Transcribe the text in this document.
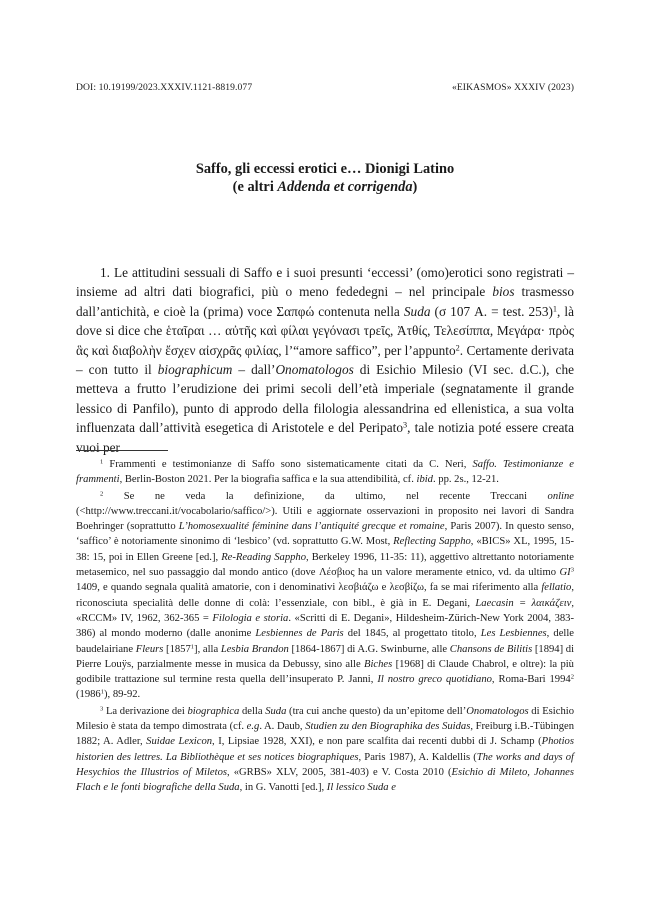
DOI: 10.19199/2023.XXXIV.1121-8819.077	«EIKASMOS» XXXIV (2023)
Saffo, gli eccessi erotici e… Dionigi Latino
(e altri Addenda et corrigenda)

1. Le attitudini sessuali di Saffo e i suoi presunti ‘eccessi’ (omo)erotici sono registrati – insieme ad altri dati biografici, più o meno fededegni – nel principale bios trasmesso dall’antichità, e cioè la (prima) voce Σαπφώ contenuta nella Suda (σ 107 A. = test. 253)$^1$, là dove si dice che ἑταῖραι … αὐτῆς καὶ φίλαι γεγόνασι τρεῖς, Ἀτθίς, Τελεσίππα, Μεγάρα· πρὸς ἃς καὶ διαβολὴν ἔσχεν αἰσχρᾶς φιλίας, l’“amore saffico”, per l’appunto$^2$. Certamente derivata – con tutto il biographicum – dall’Onomatologos di Esichio Milesio (VI sec. d.C.), che metteva a frutto l’erudizione dei primi secoli dell’età imperiale (segnatamente il grande lessico di Panfilo), punto di approdo della filologia alessandrina ed ellenistica, a sua volta influenzata dall’attività esegetica di Aristotele e del Peripato$^3$, tale notizia poté essere creata vuoi per

$^1$ Frammenti e testimonianze di Saffo sono sistematicamente citati da C. Neri, Saffo. Testimonianze e frammenti, Berlin-Boston 2021. Per la biografia saffica e la sua attendibilità, cf. ibid. pp. 2s., 12-21.

$^2$ Se ne veda la definizione, da ultimo, nel recente Treccani online (<http://www.treccani.it/vocabolario/saffico/>). Utili e aggiornate osservazioni in proposito nei lavori di Sandra Boehringer (soprattutto L’homosexualité féminine dans l’antiquité grecque et romaine, Paris 2007). In questo senso, ‘saffico’ è notoriamente sinonimo di ‘lesbico’ (vd. soprattutto G.W. Most, Reflecting Sappho, «BICS» XL, 1995, 15-38: 15, poi in Ellen Greene [ed.], Re-Reading Sappho, Berkeley 1996, 11-35: 11), aggettivo altrettanto notoriamente metasemico, nel suo passaggio dal mondo antico (dove Λέσβιος ha un valore meramente etnico, vd. da ultimo $GI^3$ 1409, e quando segnala qualità amatorie, con i denominativi λεσβιάζω e λεσβίζω, fa se mai riferimento alla fellatio, riconosciuta specialità delle donne di colà: l’essenziale, con bibl., è già in E. Degani, Laecasin = λαικάζειν, «RCCM» IV, 1962, 362-365 = Filologia e storia. «Scritti di E. Degani», Hildesheim-Zürich-New York 2004, 383-386) al mondo moderno (dalle anonime Lesbiennes de Paris del 1845, al progettato titolo, Les Lesbiennes, delle baudelairiane Fleurs [1857$^1$], alla Lesbia Brandon [1864-1867] di A.G. Swinburne, alle Chansons de Bilitis [1894] di Pierre Louÿs, parzialmente messe in musica da Debussy, sino alle Biches [1968] di Claude Chabrol, e oltre): la più godibile trattazione sul termine resta quella dell’insuperato P. Janni, Il nostro greco quotidiano, Roma-Bari 1994$^2$ (1986$^1$), 89-92.

$^3$ La derivazione dei biographica della Suda (tra cui anche questo) da un’epitome dell’Onomatologos di Esichio Milesio è stata da tempo dimostrata (cf. e.g. A. Daub, Studien zu den Biographika des Suidas, Freiburg i.B.-Tübingen 1882; A. Adler, Suidae Lexicon, I, Lipsiae 1928, XXI), e non pare scalfita dai recenti dubbi di J. Schamp (Photios historien des lettres. La Bibliothèque et ses notices biographiques, Paris 1987), A. Kaldellis (The works and days of Hesychios the Illustrios of Miletos, «GRBS» XLV, 2005, 381-403) e V. Costa 2010 (Esichio di Mileto, Johannes Flach e le fonti biografiche della Suda, in G. Vanotti [ed.], Il lessico Suda e
